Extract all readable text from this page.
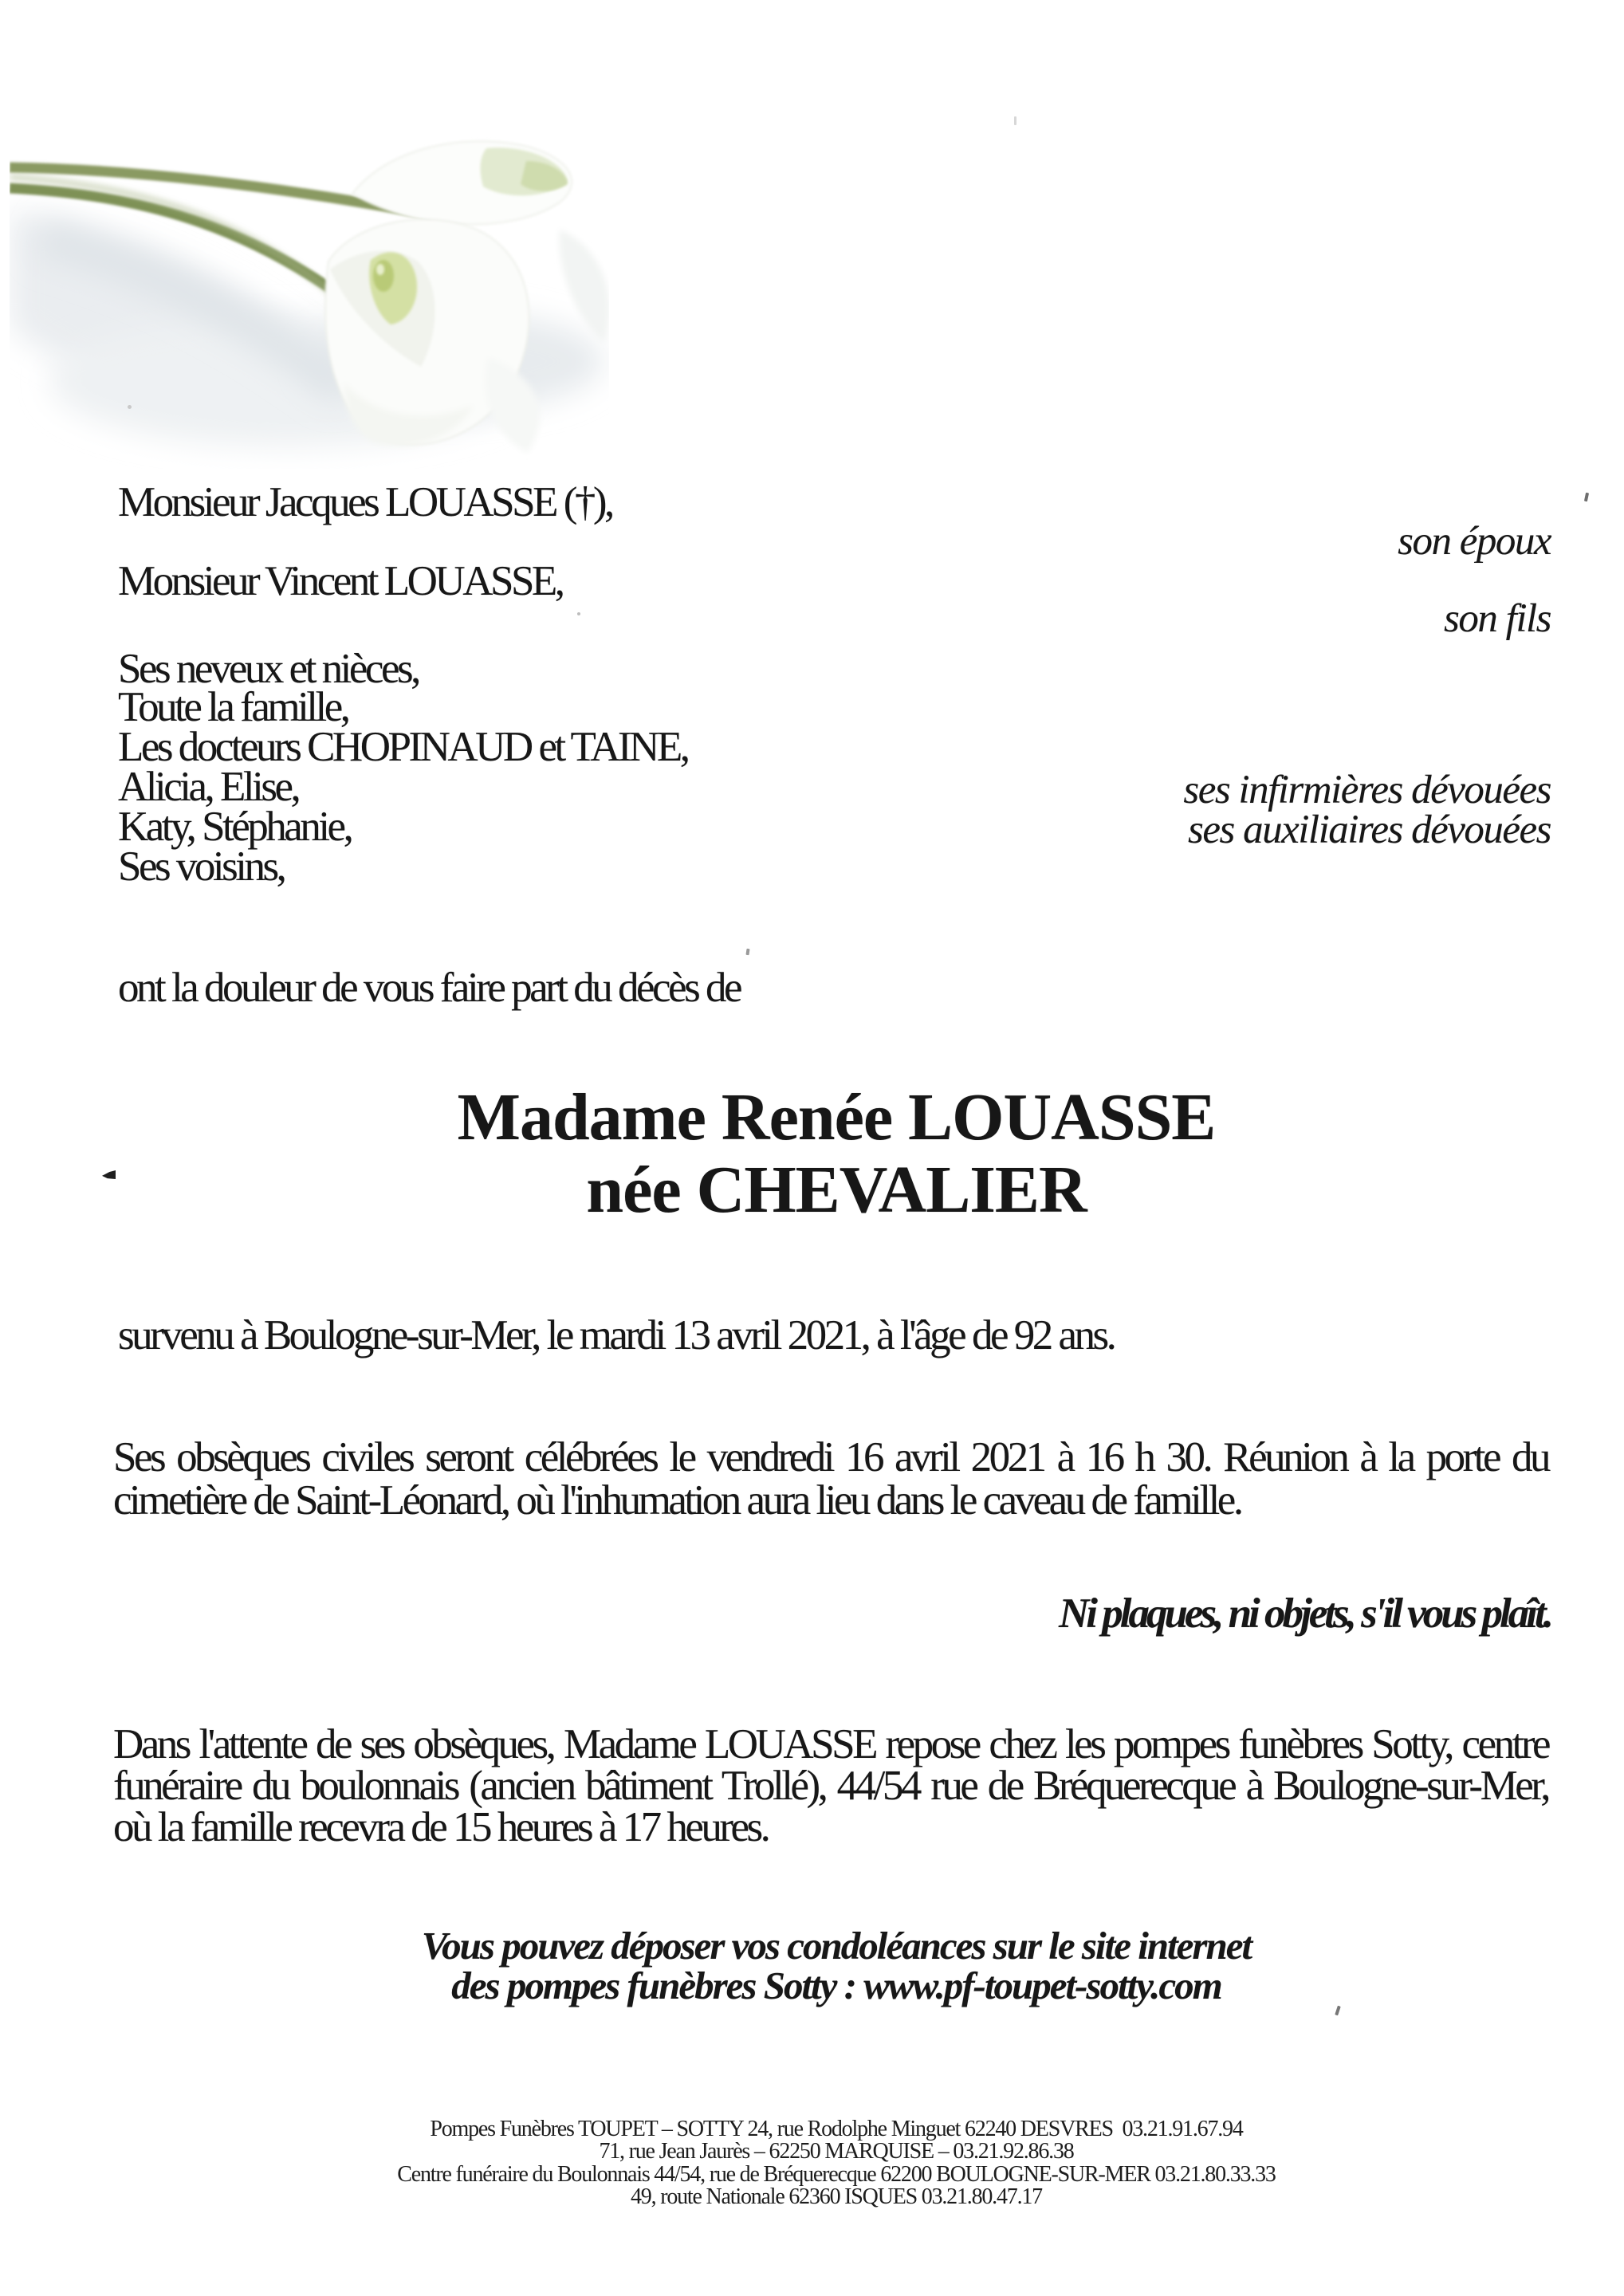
Monsieur Jacques LOUASSE (†),
Monsieur Vincent LOUASSE,
Ses neveux et nièces,
Toute la famille,
Les docteurs CHOPINAUD et TAINE,
Alicia, Elise,
Katy, Stéphanie,
Ses voisins,
son époux
son fils
ses infirmières dévouées
ses auxiliaires dévouées
ont la douleur de vous faire part du décès de
Madame Renée LOUASSE
née CHEVALIER
survenu à Boulogne-sur-Mer, le mardi 13 avril 2021, à l'âge de 92 ans.
Ses obsèques civiles seront célébrées le vendredi 16 avril 2021 à 16 h 30. Réunion à la porte du
cimetière de Saint-Léonard, où l'inhumation aura lieu dans le caveau de famille.
Ni plaques, ni objets, s'il vous plaît.
Dans l'attente de ses obsèques, Madame LOUASSE repose chez les pompes funèbres Sotty, centre
funéraire du boulonnais (ancien bâtiment Trollé), 44/54 rue de Bréquerecque à Boulogne-sur-Mer,
où la famille recevra de 15 heures à 17 heures.
Vous pouvez déposer vos condoléances sur le site internet
des pompes funèbres Sotty : www.pf-toupet-sotty.com
Pompes Funèbres TOUPET – SOTTY 24, rue Rodolphe Minguet 62240 DESVRES  03.21.91.67.94
71, rue Jean Jaurès – 62250 MARQUISE – 03.21.92.86.38
Centre funéraire du Boulonnais 44/54, rue de Bréquerecque 62200 BOULOGNE-SUR-MER 03.21.80.33.33
49, route Nationale 62360 ISQUES 03.21.80.47.17
